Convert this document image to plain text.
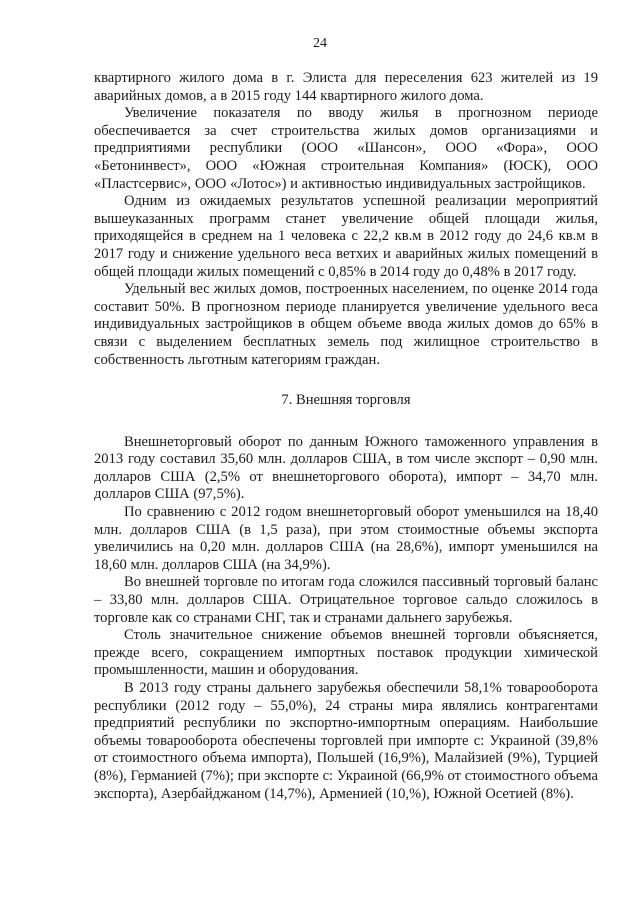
24

квартирного жилого дома в г. Элиста для переселения 623 жителей из 19 аварийных домов, а в 2015 году 144 квартирного жилого дома.

Увеличение показателя по вводу жилья в прогнозном периоде обеспечивается за счет строительства жилых домов организациями и предприятиями республики (ООО «Шансон», ООО «Фора», ООО «Бетонинвест», ООО «Южная строительная Компания» (ЮСК), ООО «Пластсервис», ООО «Лотос») и активностью индивидуальных застройщиков.

Одним из ожидаемых результатов успешной реализации мероприятий вышеуказанных программ станет увеличение общей площади жилья, приходящейся в среднем на 1 человека с 22,2 кв.м в 2012 году до 24,6 кв.м в 2017 году и снижение удельного веса ветхих и аварийных жилых помещений в общей площади жилых помещений с 0,85% в 2014 году до 0,48% в 2017 году.

Удельный вес жилых домов, построенных населением, по оценке 2014 года составит 50%. В прогнозном периоде планируется увеличение удельного веса индивидуальных застройщиков в общем объеме ввода жилых домов до 65% в связи с выделением бесплатных земель под жилищное строительство в собственность льготным категориям граждан.

7. Внешняя торговля

Внешнеторговый оборот по данным Южного таможенного управления в 2013 году составил 35,60 млн. долларов США, в том числе экспорт – 0,90 млн. долларов США (2,5% от внешнеторгового оборота), импорт – 34,70 млн. долларов США (97,5%).

По сравнению с 2012 годом внешнеторговый оборот уменьшился на 18,40 млн. долларов США (в 1,5 раза), при этом стоимостные объемы экспорта увеличились на 0,20 млн. долларов США (на 28,6%), импорт уменьшился на 18,60 млн. долларов США (на 34,9%).

Во внешней торговле по итогам года сложился пассивный торговый баланс – 33,80 млн. долларов США. Отрицательное торговое сальдо сложилось в торговле как со странами СНГ, так и странами дальнего зарубежья.

Столь значительное снижение объемов внешней торговли объясняется, прежде всего, сокращением импортных поставок продукции химической промышленности, машин и оборудования.

В 2013 году страны дальнего зарубежья обеспечили 58,1% товарооборота республики (2012 году – 55,0%), 24 страны мира являлись контрагентами предприятий республики по экспортно-импортным операциям. Наибольшие объемы товарооборота обеспечены торговлей при импорте с: Украиной (39,8% от стоимостного объема импорта), Польшей (16,9%), Малайзией (9%), Турцией (8%), Германией (7%); при экспорте с: Украиной (66,9% от стоимостного объема экспорта), Азербайджаном (14,7%), Арменией (10,%), Южной Осетией (8%).
